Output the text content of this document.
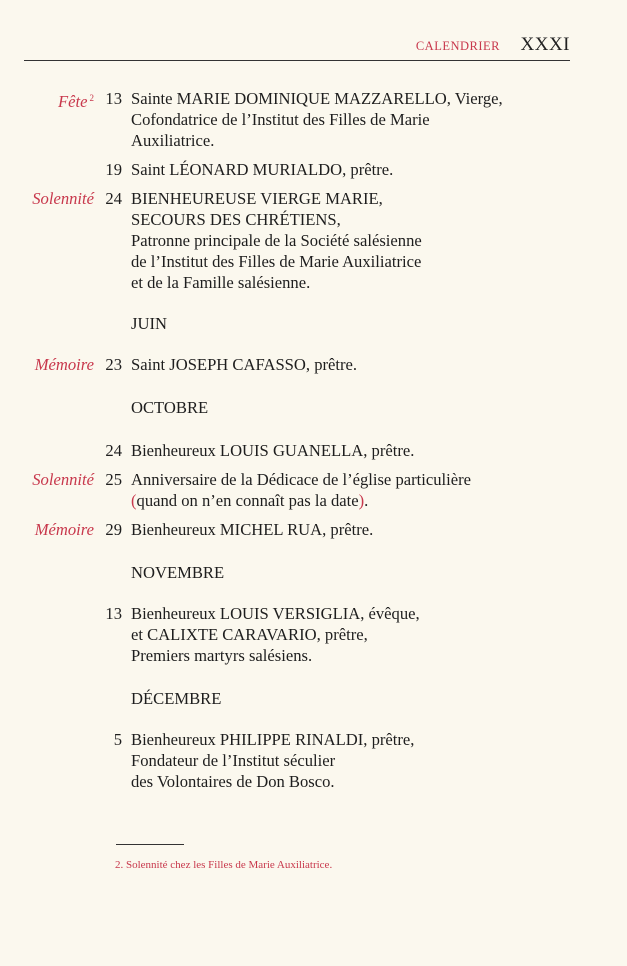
CALENDRIER XXXI
Fête $^2$ 13 Sainte MARIE DOMINIQUE MAZZARELLO, Vierge,
Cofondatrice de l’Institut des Filles de Marie
Auxiliatrice.
19 Saint LÉONARD MURIALDO, prêtre.
Solennité 24 BIENHEUREUSE VIERGE MARIE,
SECOURS DES CHRÉTIENS,
Patronne principale de la Société salésienne
de l’Institut des Filles de Marie Auxiliatrice
et de la Famille salésienne.
JUIN
Mémoire 23 Saint JOSEPH CAFASSO, prêtre.
OCTOBRE
24 Bienheureux LOUIS GUANELLA, prêtre.
Solennité 25 Anniversaire de la Dédicace de l’église particulière
(quand on n’en connaît pas la date).
Mémoire 29 Bienheureux MICHEL RUA, prêtre.
NOVEMBRE
13 Bienheureux LOUIS VERSIGLIA, évêque,
et CALIXTE CARAVARIO, prêtre,
Premiers martyrs salésiens.
DÉCEMBRE
5 Bienheureux PHILIPPE RINALDI, prêtre,
Fondateur de l’Institut séculier
des Volontaires de Don Bosco.
2. Solennité chez les Filles de Marie Auxiliatrice.
